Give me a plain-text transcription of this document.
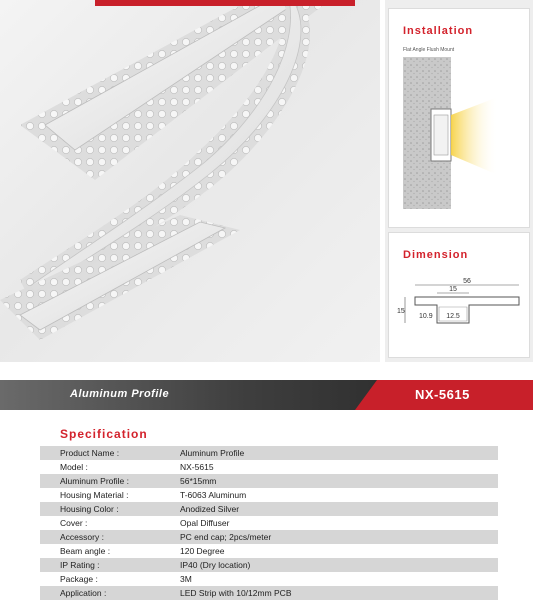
Installation
Flat Angle Flush Mount
Dimension
56
15
15
10.9 12.5
Aluminum Profile	NX-5615
Specification
Product Name :	Aluminum Profile
Model :	NX-5615
Aluminum Profile :	56*15mm
Housing Material :	T-6063 Aluminum
Housing Color :	Anodized Silver
Cover :	Opal Diffuser
Accessory :	PC end cap; 2pcs/meter
Beam angle :	120 Degree
IP Rating :	IP40 (Dry location)
Package :	3M
Application :	LED Strip with 10/12mm PCB
